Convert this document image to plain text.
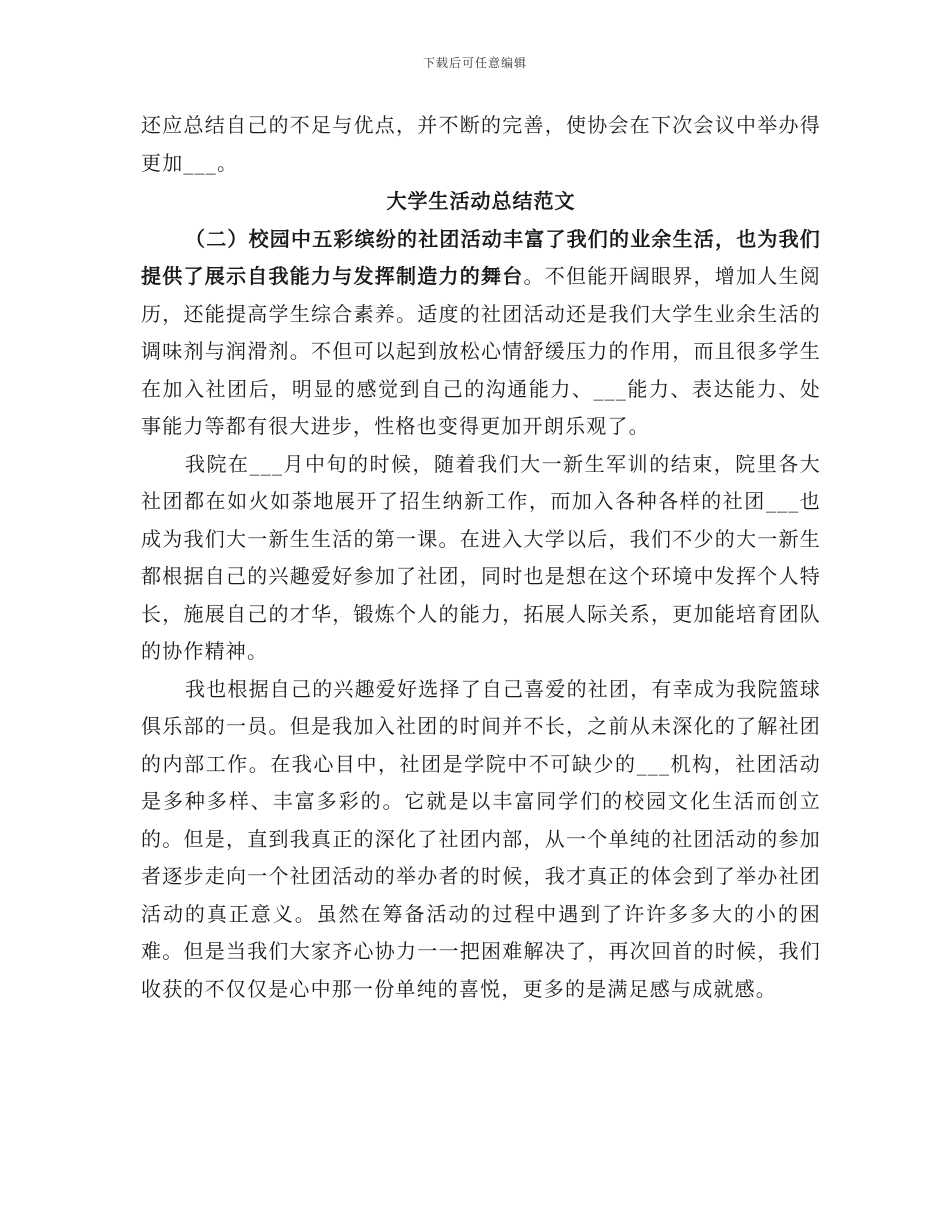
下载后可任意编辑

还应总结自己的不足与优点，并不断的完善，使协会在下次会议中举办得更加___。

大学生活动总结范文

（二）校园中五彩缤纷的社团活动丰富了我们的业余生活，也为我们提供了展示自我能力与发挥制造力的舞台。不但能开阔眼界，增加人生阅历，还能提高学生综合素养。适度的社团活动还是我们大学生业余生活的调味剂与润滑剂。不但可以起到放松心情舒缓压力的作用，而且很多学生在加入社团后，明显的感觉到自己的沟通能力、___能力、表达能力、处事能力等都有很大进步，性格也变得更加开朗乐观了。

我院在___月中旬的时候，随着我们大一新生军训的结束，院里各大社团都在如火如荼地展开了招生纳新工作，而加入各种各样的社团___也成为我们大一新生生活的第一课。在进入大学以后，我们不少的大一新生都根据自己的兴趣爱好参加了社团，同时也是想在这个环境中发挥个人特长，施展自己的才华，锻炼个人的能力，拓展人际关系，更加能培育团队的协作精神。

我也根据自己的兴趣爱好选择了自己喜爱的社团，有幸成为我院篮球俱乐部的一员。但是我加入社团的时间并不长，之前从未深化的了解社团的内部工作。在我心目中，社团是学院中不可缺少的___机构，社团活动是多种多样、丰富多彩的。它就是以丰富同学们的校园文化生活而创立的。但是，直到我真正的深化了社团内部，从一个单纯的社团活动的参加者逐步走向一个社团活动的举办者的时候，我才真正的体会到了举办社团活动的真正意义。虽然在筹备活动的过程中遇到了许许多多大的小的困难。但是当我们大家齐心协力一一把困难解决了，再次回首的时候，我们收获的不仅仅是心中那一份单纯的喜悦，更多的是满足感与成就感。
